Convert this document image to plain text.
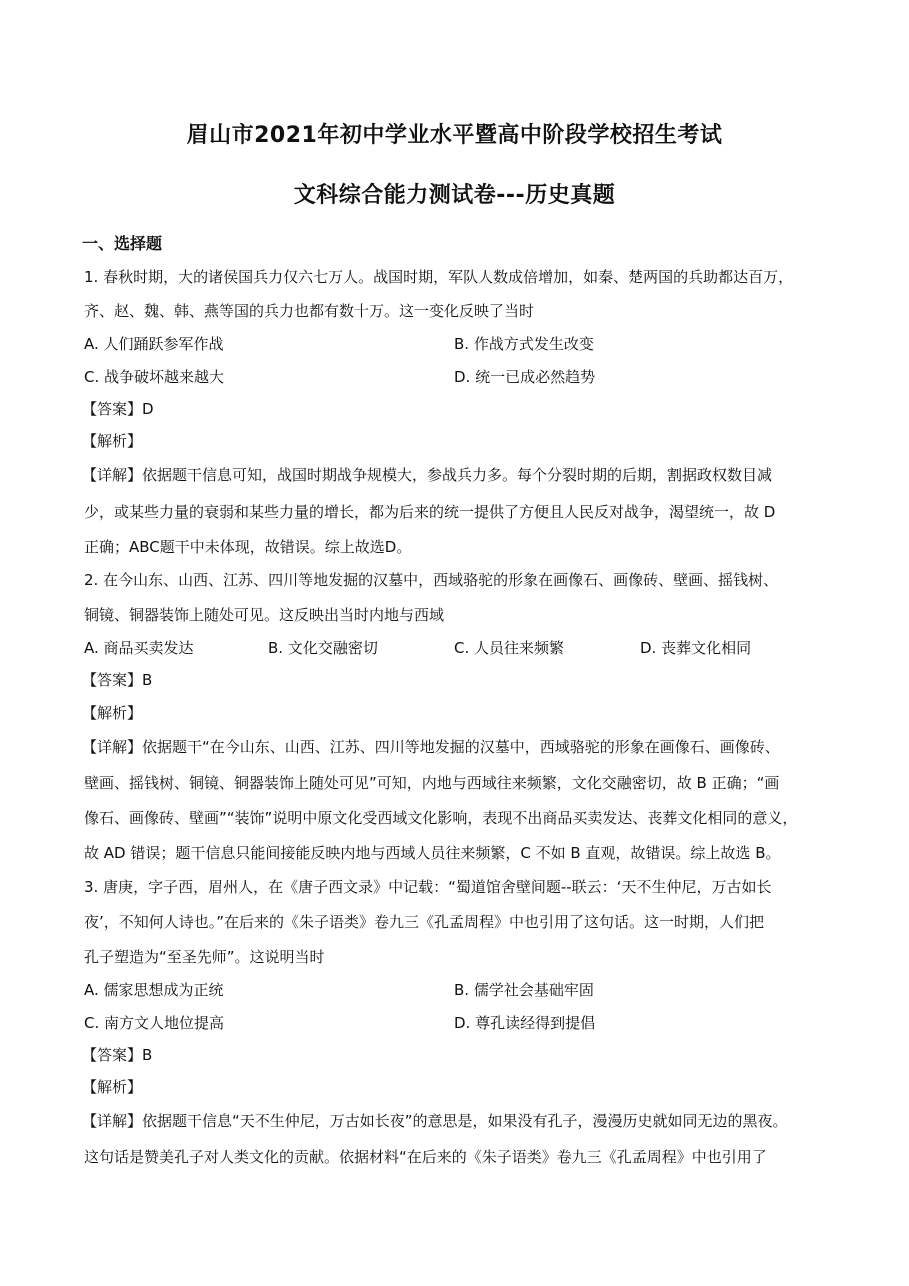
眉山市2021年初中学业水平暨高中阶段学校招生考试
文科综合能力测试卷---历史真题
一、选择题
1. 春秋时期，大的诸侯国兵力仅六七万人。战国时期，军队人数成倍增加，如秦、楚两国的兵助都达百万，
齐、赵、魏、韩、燕等国的兵力也都有数十万。这一变化反映了当时
A. 人们踊跃参军作战	B. 作战方式发生改变
C. 战争破坏越来越大	D. 统一已成必然趋势
【答案】D
【解析】
【详解】依据题干信息可知，战国时期战争规模大，参战兵力多。每个分裂时期的后期，割据政权数目减
少，或某些力量的衰弱和某些力量的增长，都为后来的统一提供了方便且人民反对战争，渴望统一，故 D
正确；ABC题干中未体现，故错误。综上故选D。
2. 在今山东、山西、江苏、四川等地发掘的汉墓中，西域骆驼的形象在画像石、画像砖、壁画、摇钱树、
铜镜、铜器装饰上随处可见。这反映出当时内地与西域
A. 商品买卖发达	B. 文化交融密切	C. 人员往来频繁	D. 丧葬文化相同
【答案】B
【解析】
【详解】依据题干“在今山东、山西、江苏、四川等地发掘的汉墓中，西域骆驼的形象在画像石、画像砖、
壁画、摇钱树、铜镜、铜器装饰上随处可见”可知，内地与西域往来频繁，文化交融密切，故 B 正确；“画
像石、画像砖、壁画”“装饰”说明中原文化受西域文化影响，表现不出商品买卖发达、丧葬文化相同的意义，
故 AD 错误；题干信息只能间接能反映内地与西域人员往来频繁，C 不如 B 直观，故错误。综上故选 B。
3. 唐庚，字子西，眉州人，在《唐子西文录》中记载：“蜀道馆舍壁间题--联云：‘天不生仲尼，万古如长
夜’，不知何人诗也。”在后来的《朱子语类》卷九三《孔孟周程》中也引用了这句话。这一时期，人们把
孔子塑造为“至圣先师”。这说明当时
A. 儒家思想成为正统	B. 儒学社会基础牢固
C. 南方文人地位提高	D. 尊孔读经得到提倡
【答案】B
【解析】
【详解】依据题干信息“天不生仲尼，万古如长夜”的意思是，如果没有孔子，漫漫历史就如同无边的黑夜。
这句话是赞美孔子对人类文化的贡献。依据材料“在后来的《朱子语类》卷九三《孔孟周程》中也引用了
